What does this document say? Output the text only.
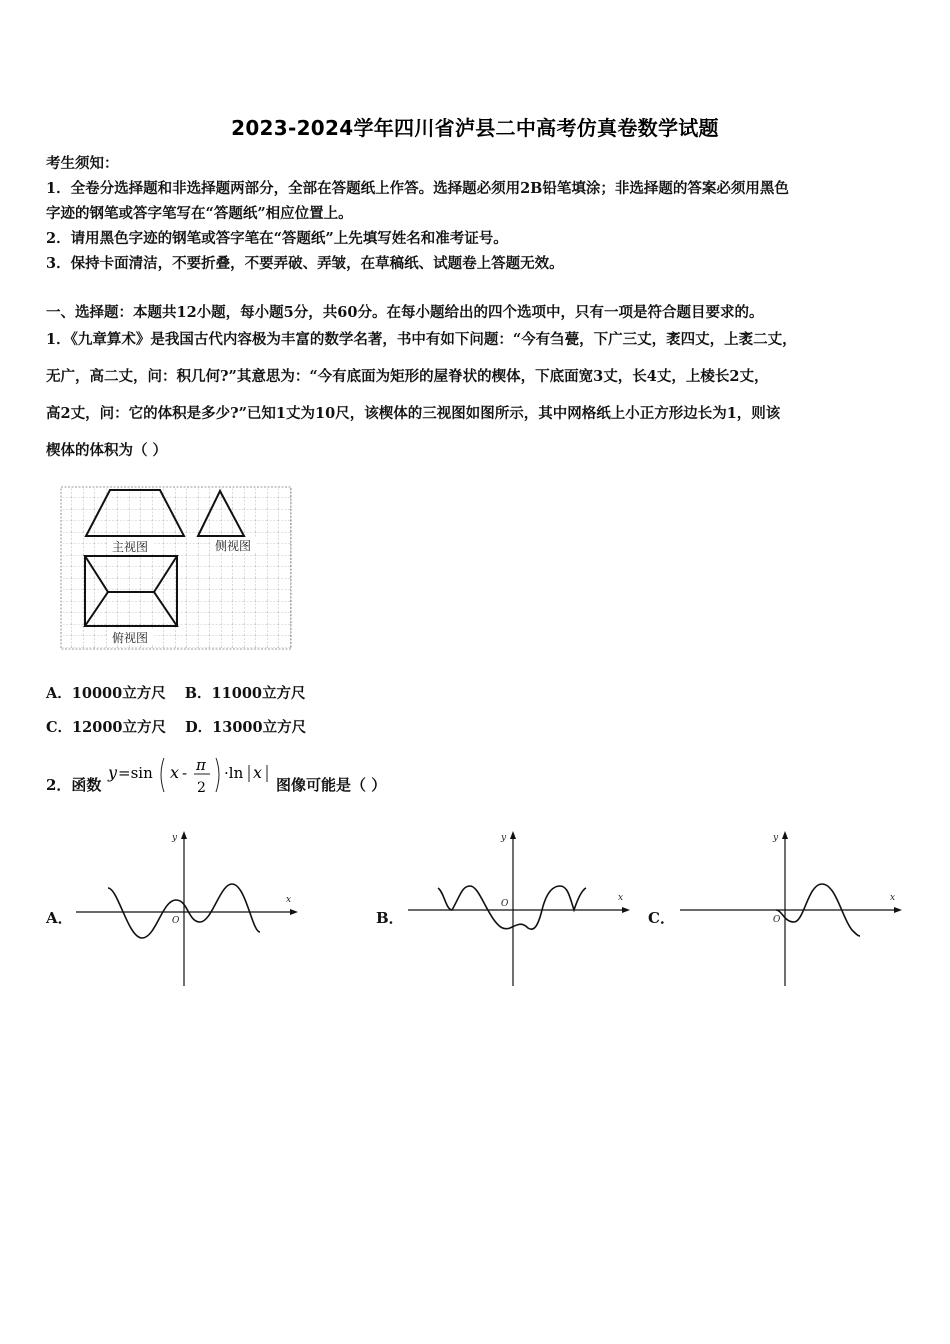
2023-2024学年四川省泸县二中高考仿真卷数学试题
考生须知：
1．全卷分选择题和非选择题两部分，全部在答题纸上作答。选择题必须用2B铅笔填涂；非选择题的答案必须用黑色
字迹的钢笔或答字笔写在“答题纸”相应位置上。
2．请用黑色字迹的钢笔或答字笔在“答题纸”上先填写姓名和准考证号。
3．保持卡面清洁，不要折叠，不要弄破、弄皱，在草稿纸、试题卷上答题无效。
一、选择题：本题共12小题，每小题5分，共60分。在每小题给出的四个选项中，只有一项是符合题目要求的。
1．《九章算术》是我国古代内容极为丰富的数学名著，书中有如下问题：“今有刍甍，下广三丈，袤四丈，上袤二丈，
无广，高二丈，问：积几何?”其意思为：“今有底面为矩形的屋脊状的楔体，下底面宽3丈，长4丈，上棱长2丈，
高2丈，问：它的体积是多少?”已知1丈为10尺，该楔体的三视图如图所示，其中网格纸上小正方形边长为1，则该
楔体的体积为（ ）
主视图	侧视图
俯视图
A．10000立方尺 B．11000立方尺
C．12000立方尺 D．13000立方尺
2．函数
y =sin x - π
2
·ln x
图像可能是（ ）
A．
x
y
O	B．
x
y
O
C．
x
y
O
